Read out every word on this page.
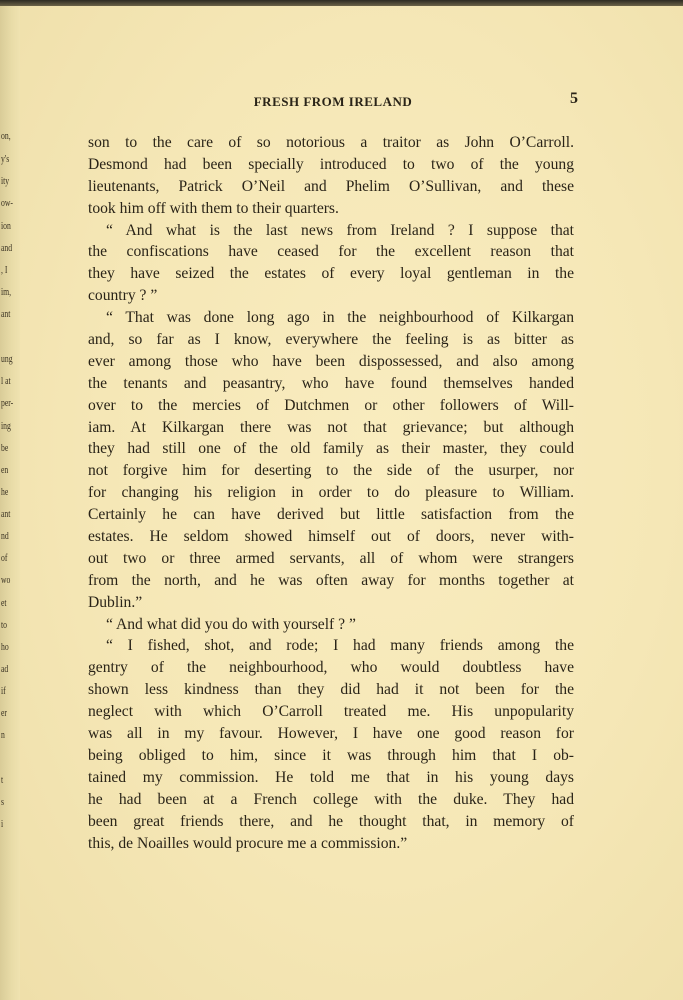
on,
y's
ity
ow-
ion
and
, I
im,
ant
ung
l at
per-
ing
be
en
he
ant
nd
of
wo
et
to
ho
ad
if
er
n
t
s
i
FRESH FROM IRELAND	5
son to the care of so notorious a traitor as John O’Carroll.
Desmond had been specially introduced to two of the young
lieutenants, Patrick O’Neil and Phelim O’Sullivan, and these
took him off with them to their quarters.
“ And what is the last news from Ireland ? I suppose that
the confiscations have ceased for the excellent reason that
they have seized the estates of every loyal gentleman in the
country ? ”
“ That was done long ago in the neighbourhood of Kilkargan
and, so far as I know, everywhere the feeling is as bitter as
ever among those who have been dispossessed, and also among
the tenants and peasantry, who have found themselves handed
over to the mercies of Dutchmen or other followers of Will-
iam. At Kilkargan there was not that grievance; but although
they had still one of the old family as their master, they could
not forgive him for deserting to the side of the usurper, nor
for changing his religion in order to do pleasure to William.
Certainly he can have derived but little satisfaction from the
estates. He seldom showed himself out of doors, never with-
out two or three armed servants, all of whom were strangers
from the north, and he was often away for months together at
Dublin.”
“ And what did you do with yourself ? ”
“ I fished, shot, and rode; I had many friends among the
gentry of the neighbourhood, who would doubtless have
shown less kindness than they did had it not been for the
neglect with which O’Carroll treated me. His unpopularity
was all in my favour. However, I have one good reason for
being obliged to him, since it was through him that I ob-
tained my commission. He told me that in his young days
he had been at a French college with the duke. They had
been great friends there, and he thought that, in memory of
this, de Noailles would procure me a commission.”
